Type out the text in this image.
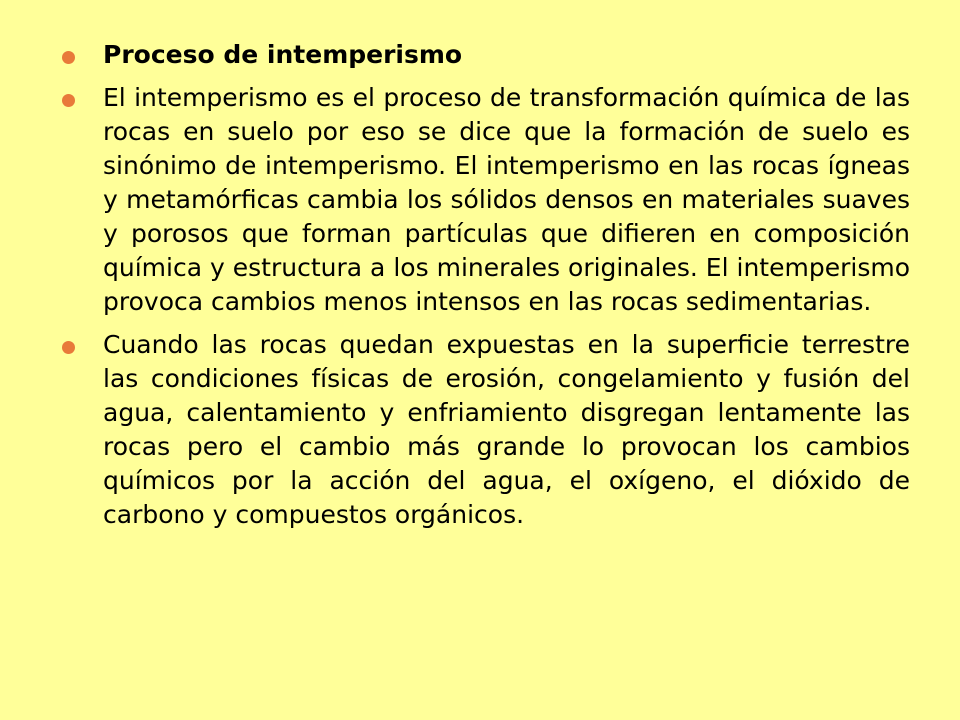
Proceso de intemperismo
El intemperismo es el proceso de transformación química de las rocas en suelo por eso se dice que la formación de suelo es sinónimo de intemperismo. El intemperismo en las rocas ígneas y metamórficas cambia los sólidos densos en materiales suaves y porosos que forman partículas que difieren en composición química y estructura a los minerales originales. El intemperismo provoca cambios menos intensos en las rocas sedimentarias.
Cuando las rocas quedan expuestas en la superficie terrestre las condiciones físicas de erosión, congelamiento y fusión del agua, calentamiento y enfriamiento disgregan lentamente las rocas pero el cambio más grande lo provocan los cambios químicos por la acción del agua, el oxígeno, el dióxido de carbono y compuestos orgánicos.
